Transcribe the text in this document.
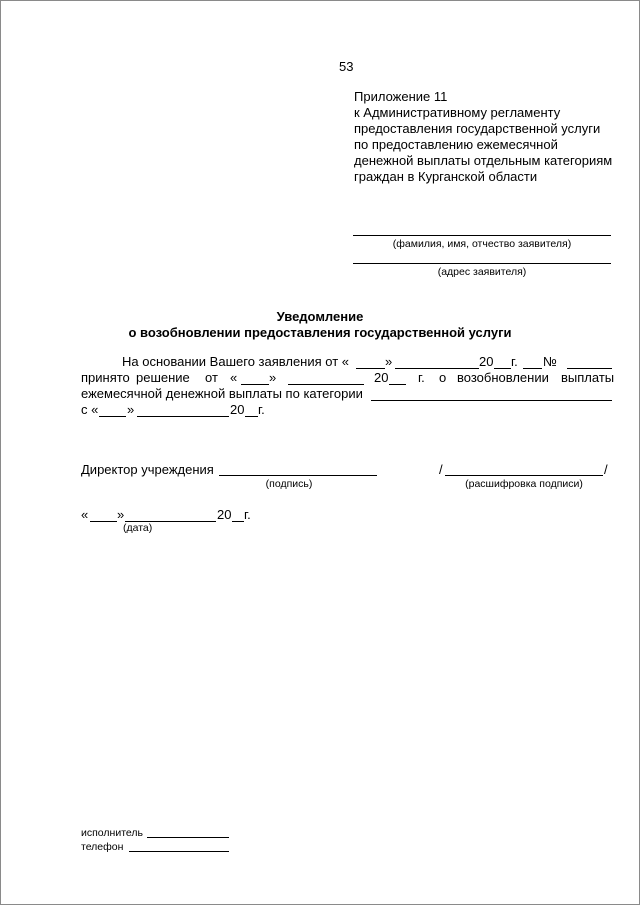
53
Приложение 11
к Административному регламенту
предоставления государственной услуги
по предоставлению ежемесячной
денежной выплаты отдельным категориям
граждан в Курганской области
(фамилия, имя, отчество заявителя)
(адрес заявителя)
Уведомление
о возобновлении предоставления государственной услуги
На основании Вашего заявления от «	»	20 г. №
принято решение от « »	20 г. о возобновлении выплаты
ежемесячной денежной выплаты по категории
с « »	20 г.
Директор учреждения
(подпись)
/	/
(расшифровка подписи)
« »	20 г.
(дата)
исполнитель
телефон
